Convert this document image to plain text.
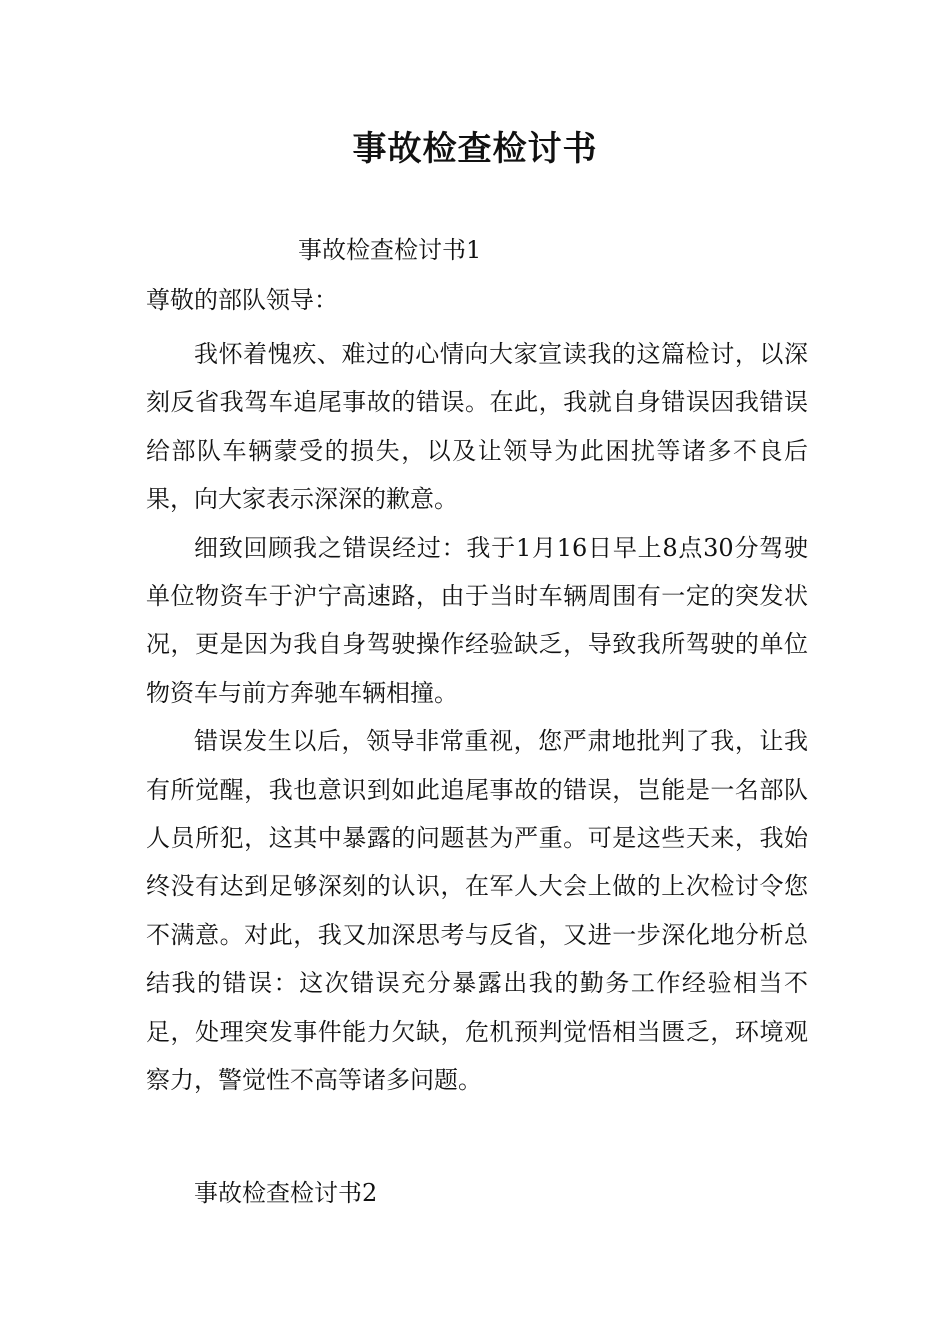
事故检查检讨书
事故检查检讨书1
尊敬的部队领导：

我怀着愧疚、难过的心情向大家宣读我的这篇检讨，以深刻反省我驾车追尾事故的错误。在此，我就自身错误因我错误给部队车辆蒙受的损失，以及让领导为此困扰等诸多不良后果，向大家表示深深的歉意。

细致回顾我之错误经过：我于1月16日早上8点30分驾驶单位物资车于沪宁高速路，由于当时车辆周围有一定的突发状况，更是因为我自身驾驶操作经验缺乏，导致我所驾驶的单位物资车与前方奔驰车辆相撞。

错误发生以后，领导非常重视，您严肃地批判了我，让我有所觉醒，我也意识到如此追尾事故的错误，岂能是一名部队人员所犯，这其中暴露的问题甚为严重。可是这些天来，我始终没有达到足够深刻的认识，在军人大会上做的上次检讨令您不满意。对此，我又加深思考与反省，又进一步深化地分析总结我的错误：这次错误充分暴露出我的勤务工作经验相当不足，处理突发事件能力欠缺，危机预判觉悟相当匮乏，环境观察力，警觉性不高等诸多问题。

事故检查检讨书2
